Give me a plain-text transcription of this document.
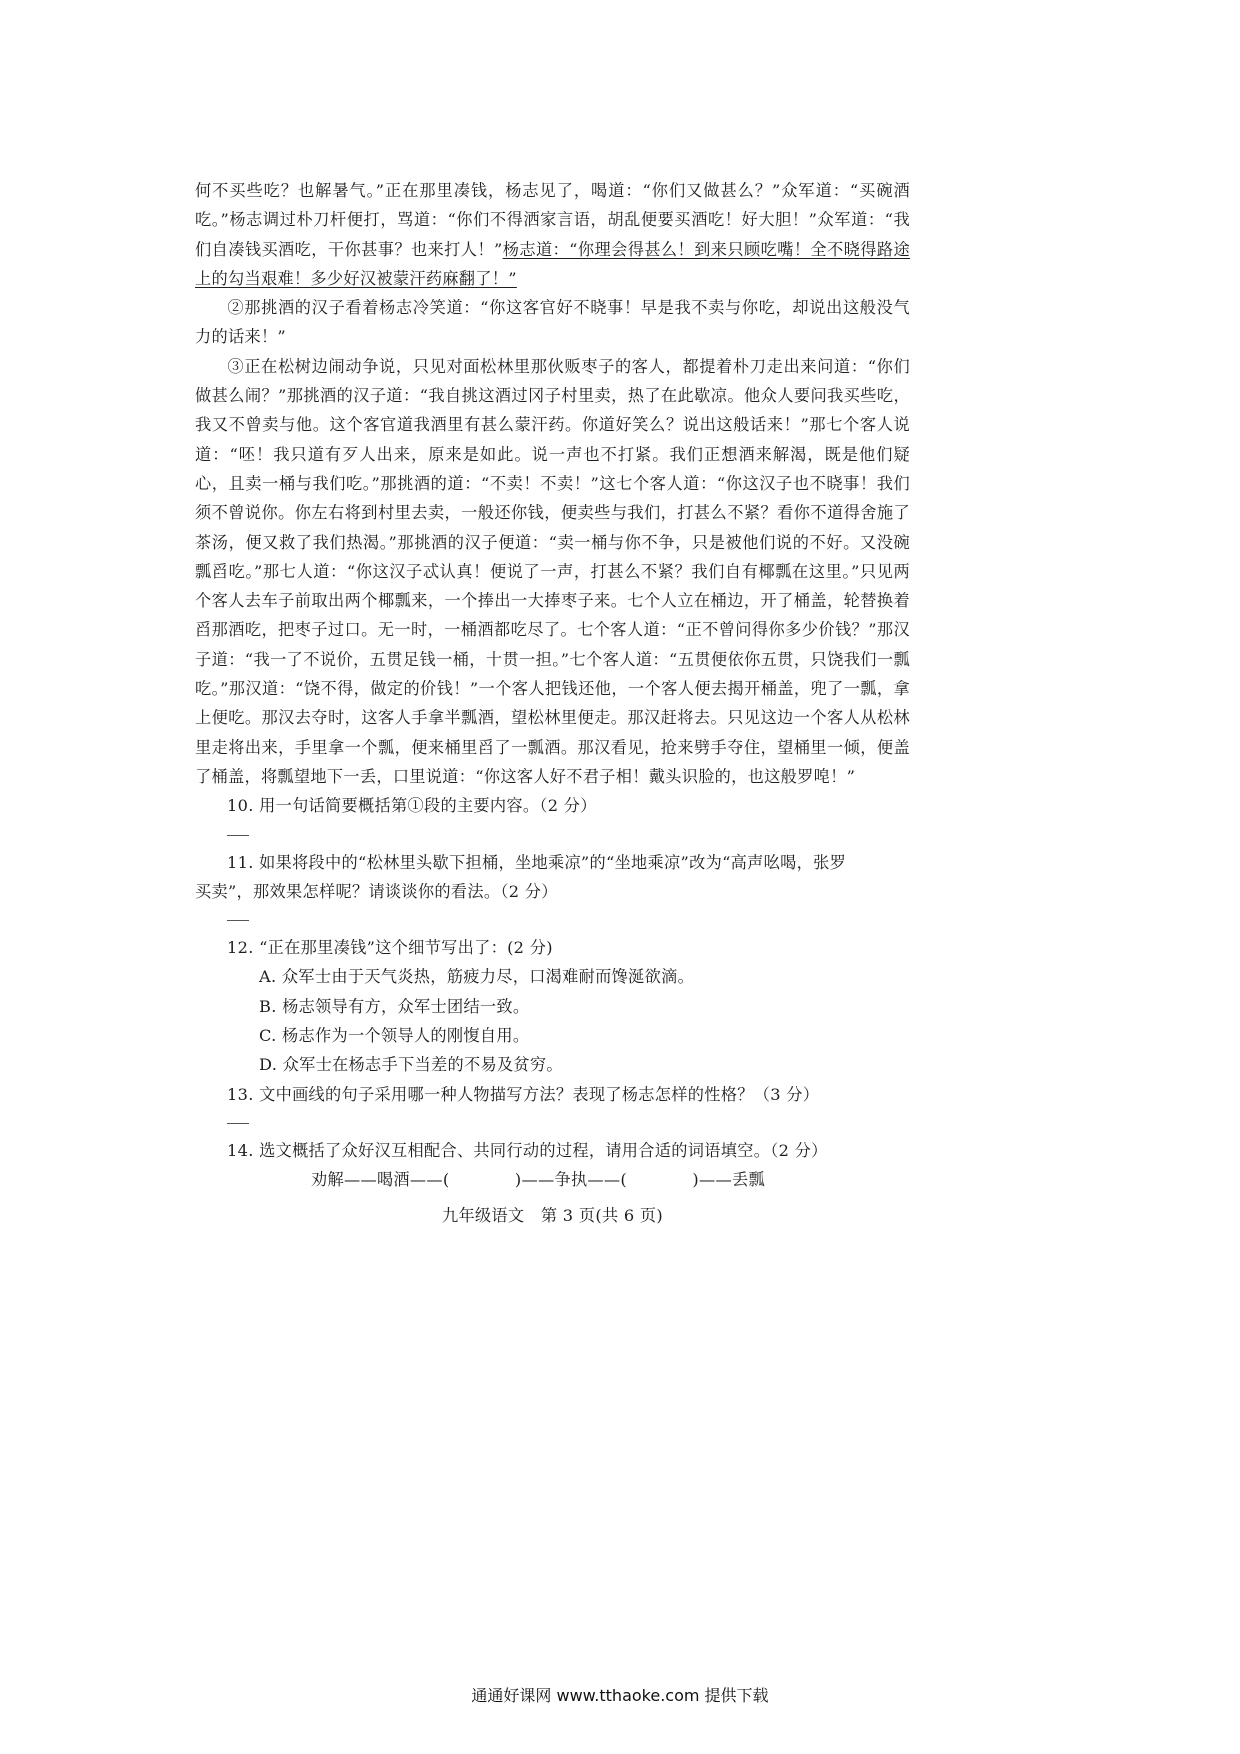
何不买些吃？也解暑气。”正在那里凑钱，杨志见了，喝道：“你们又做甚么？”众军道：“买碗酒吃。”杨志调过朴刀杆便打，骂道：“你们不得洒家言语，胡乱便要买酒吃！好大胆！”众军道：“我们自凑钱买酒吃，干你甚事？也来打人！”杨志道：“你理会得甚么！到来只顾吃嘴！全不晓得路途上的勾当艰难！多少好汉被蒙汗药麻翻了！”

②那挑酒的汉子看着杨志冷笑道：“你这客官好不晓事！早是我不卖与你吃，却说出这般没气力的话来！”

③正在松树边闹动争说，只见对面松林里那伙贩枣子的客人，都提着朴刀走出来问道：“你们做甚么闹？”那挑酒的汉子道：“我自挑这酒过冈子村里卖，热了在此歇凉。他众人要问我买些吃，我又不曾卖与他。这个客官道我酒里有甚么蒙汗药。你道好笑么？说出这般话来！”那七个客人说道：“呸！我只道有歹人出来，原来是如此。说一声也不打紧。我们正想酒来解渴，既是他们疑心，且卖一桶与我们吃。”那挑酒的道：“不卖！不卖！”这七个客人道：“你这汉子也不晓事！我们须不曾说你。你左右将到村里去卖，一般还你钱，便卖些与我们，打甚么不紧？看你不道得舍施了茶汤，便又救了我们热渴。”那挑酒的汉子便道：“卖一桶与你不争，只是被他们说的不好。又没碗瓢舀吃。”那七人道：“你这汉子忒认真！便说了一声，打甚么不紧？我们自有椰瓢在这里。”只见两个客人去车子前取出两个椰瓢来，一个捧出一大捧枣子来。七个人立在桶边，开了桶盖，轮替换着舀那酒吃，把枣子过口。无一时，一桶酒都吃尽了。七个客人道：“正不曾问得你多少价钱？”那汉子道：“我一了不说价，五贯足钱一桶，十贯一担。”七个客人道：“五贯便依你五贯，只饶我们一瓢吃。”那汉道：“饶不得，做定的价钱！”一个客人把钱还他，一个客人便去揭开桶盖，兜了一瓢，拿上便吃。那汉去夺时，这客人手拿半瓢酒，望松林里便走。那汉赶将去。只见这边一个客人从松林里走将出来，手里拿一个瓢，便来桶里舀了一瓢酒。那汉看见，抢来劈手夺住，望桶里一倾，便盖了桶盖，将瓢望地下一丢，口里说道：“你这客人好不君子相！戴头识脸的，也这般罗唣！”

10. 用一句话简要概括第①段的主要内容。（2 分）

11. 如果将段中的“松林里头歇下担桶，坐地乘凉”的“坐地乘凉”改为“高声吆喝，张罗

买卖”，那效果怎样呢？请谈谈你的看法。（2 分）

12. “正在那里凑钱”这个细节写出了：(2 分)

A. 众军士由于天气炎热，筋疲力尽，口渴难耐而馋涎欲滴。

B. 杨志领导有方，众军士团结一致。

C. 杨志作为一个领导人的刚愎自用。

D. 众军士在杨志手下当差的不易及贫穷。

13. 文中画线的句子采用哪一种人物描写方法？表现了杨志怎样的性格？（3 分）

14. 选文概括了众好汉互相配合、共同行动的过程，请用合适的词语填空。（2 分）

劝解——喝酒——(            )——争执——(            )——丢瓢

九年级语文　第 3 页(共 6 页)

通通好课网 www.tthaoke.com 提供下载
